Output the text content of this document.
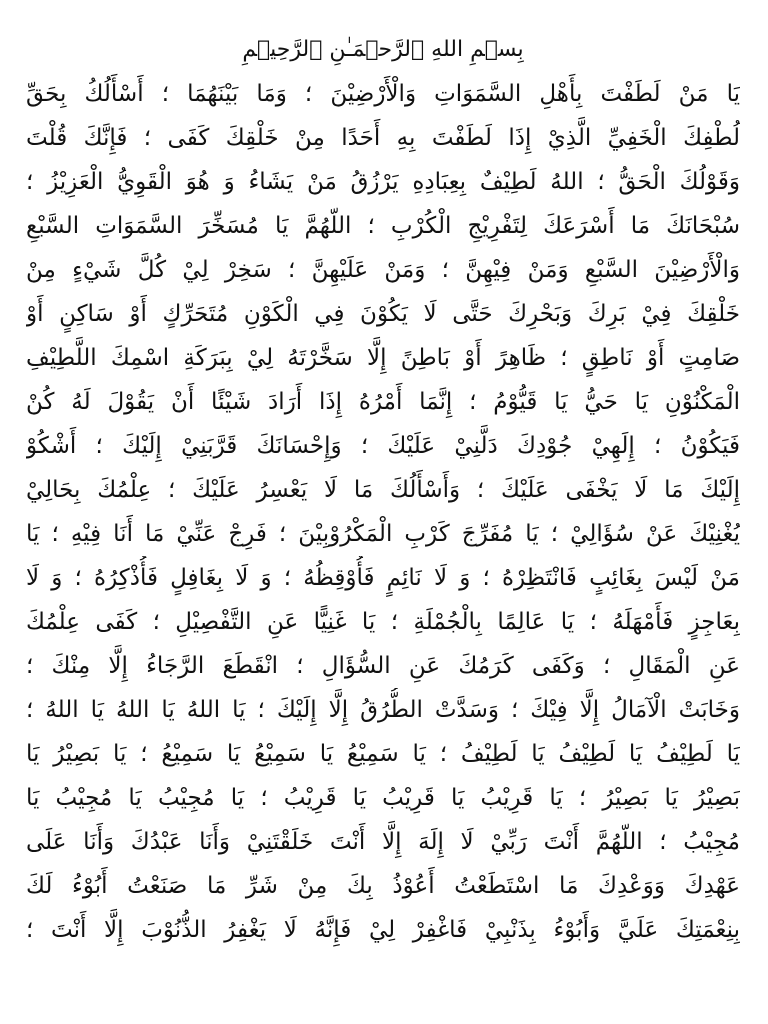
بِسۡمِ اللهِ ٱلرَّحۡمَـٰنِ ٱلرَّحِيۡمِ
يَا مَنْ لَطَفْتَ بِأَهْلِ السَّمَوَاتِ وَالْأَرْضِيْنَ ؛ وَمَا بَيْنَهُمَا ؛ أَسْأَلُكُ بِحَقِّ
لُطْفِكَ الْخَفِيِّ الَّذِيْ إِذَا لَطَفْتَ بِهِ أَحَدًا مِنْ خَلْقِكَ كَفَى ؛ فَإِنَّكَ قُلْتَ
وَقَوْلُكَ الْحَقُّ ؛ اللهُ لَطِيْفٌ بِعِبَادِهِ يَرْزُقُ مَنْ يَشَاءُ وَ هُوَ الْقَوِيُّ الْعَزِيْزُ ؛
سُبْحَانَكَ مَا أَسْرَعَكَ لِتَفْرِيْجِ الْكُرْبِ ؛ اللّهُمَّ يَا مُسَخِّرَ السَّمَوَاتِ السَّبْعِ
وَالْأَرْضِيْنَ السَّبْعِ وَمَنْ فِيْهِنَّ ؛ وَمَنْ عَلَيْهِنَّ ؛ سَخِرْ لِيْ كُلَّ شَيْءٍ مِنْ
خَلْقِكَ فِيْ بَرِكَ وَبَحْرِكَ حَتَّى لَا يَكُوْنَ فِي الْكَوْنِ مُتَحَرِّكٍ أَوْ سَاكِنٍ أَوْ
صَامِتٍ أَوْ نَاطِقٍ ؛ ظَاهِرً أَوْ بَاطِنً إِلَّا سَخَّرْتَهُ لِيْ بِبَرَكَةِ اسْمِكَ اللَّطِيْفِ
الْمَكْنُوْنِ يَا حَيُّ يَا قَيُّوْمُ ؛ إِنَّمَا أَمْرُهُ إِذَا أَرَادَ شَيْئًا أَنْ يَقُوْلَ لَهُ كُنْ
فَيَكُوْنُ ؛ إِلَهِيْ جُوْدِكَ دَلَّنِيْ عَلَيْكَ ؛ وَإِحْسَانَكَ قَرَّبَنِيْ إِلَيْكَ ؛ أَشْكُوْ
إِلَيْكَ مَا لَا يَخْفَى عَلَيْكَ ؛ وَأَسْأَلُكَ مَا لَا يَعْسِرُ عَلَيْكَ ؛ عِلْمُكَ بِحَالِيْ
يُغْنِيْكَ عَنْ سُؤَالِيْ ؛ يَا مُفَرِّجَ كَرْبِ الْمَكْرُوْبِيْنَ ؛ فَرِجْ عَنِّيْ مَا أَنَا فِيْهِ ؛ يَا
مَنْ لَيْسَ بِغَائِبٍ فَانْتَظِرْهُ ؛ وَ لَا نَائِمٍ فَأُوْقِظُهُ ؛ وَ لَا بِغَافِلٍ فَأُذْكِرُهُ ؛ وَ لَا
بِعَاجِزٍ فَأَمْهَلَهُ ؛ يَا عَالِمًا بِالْجُمْلَةِ ؛ يَا غَنِيًّا عَنِ التَّفْصِيْلِ ؛ كَفَى عِلْمُكَ
عَنِ الْمَقَالِ ؛ وَكَفَى كَرَمُكَ عَنِ السُّؤَالِ ؛ انْقَطَعَ الرَّجَاءُ إِلَّا مِنْكَ ؛
وَخَابَتْ الْآمَالُ إِلَّا فِيْكَ ؛ وَسَدَّتْ الطُّرُقُ إِلَّا إِلَيْكَ ؛ يَا اللهُ يَا اللهُ يَا اللهُ ؛
يَا لَطِيْفُ يَا لَطِيْفُ يَا لَطِيْفُ ؛ يَا سَمِيْعُ يَا سَمِيْعُ يَا سَمِيْعُ ؛ يَا بَصِيْرُ يَا
بَصِيْرُ يَا بَصِيْرُ ؛ يَا قَرِيْبُ يَا قَرِيْبُ يَا قَرِيْبُ ؛ يَا مُجِيْبُ يَا مُجِيْبُ يَا
مُجِيْبُ ؛ اللّهُمَّ أَنْتَ رَبِّيْ لَا إِلَهَ إِلَّا أَنْتَ خَلَقْتَنِيْ وَأَنَا عَبْدُكَ وَأَنَا عَلَى
عَهْدِكَ وَوَعْدِكَ مَا اسْتَطَعْتُ أَعُوْذُ بِكَ مِنْ شَرِّ مَا صَنَعْتُ أَبُوْءُ لَكَ
بِنِعْمَتِكَ عَلَيَّ وَأَبُوْءُ بِذَنْبِيْ فَاغْفِرْ لِيْ فَإِنَّهُ لَا يَغْفِرُ الذُّنُوْبَ إِلَّا أَنْتَ ؛
